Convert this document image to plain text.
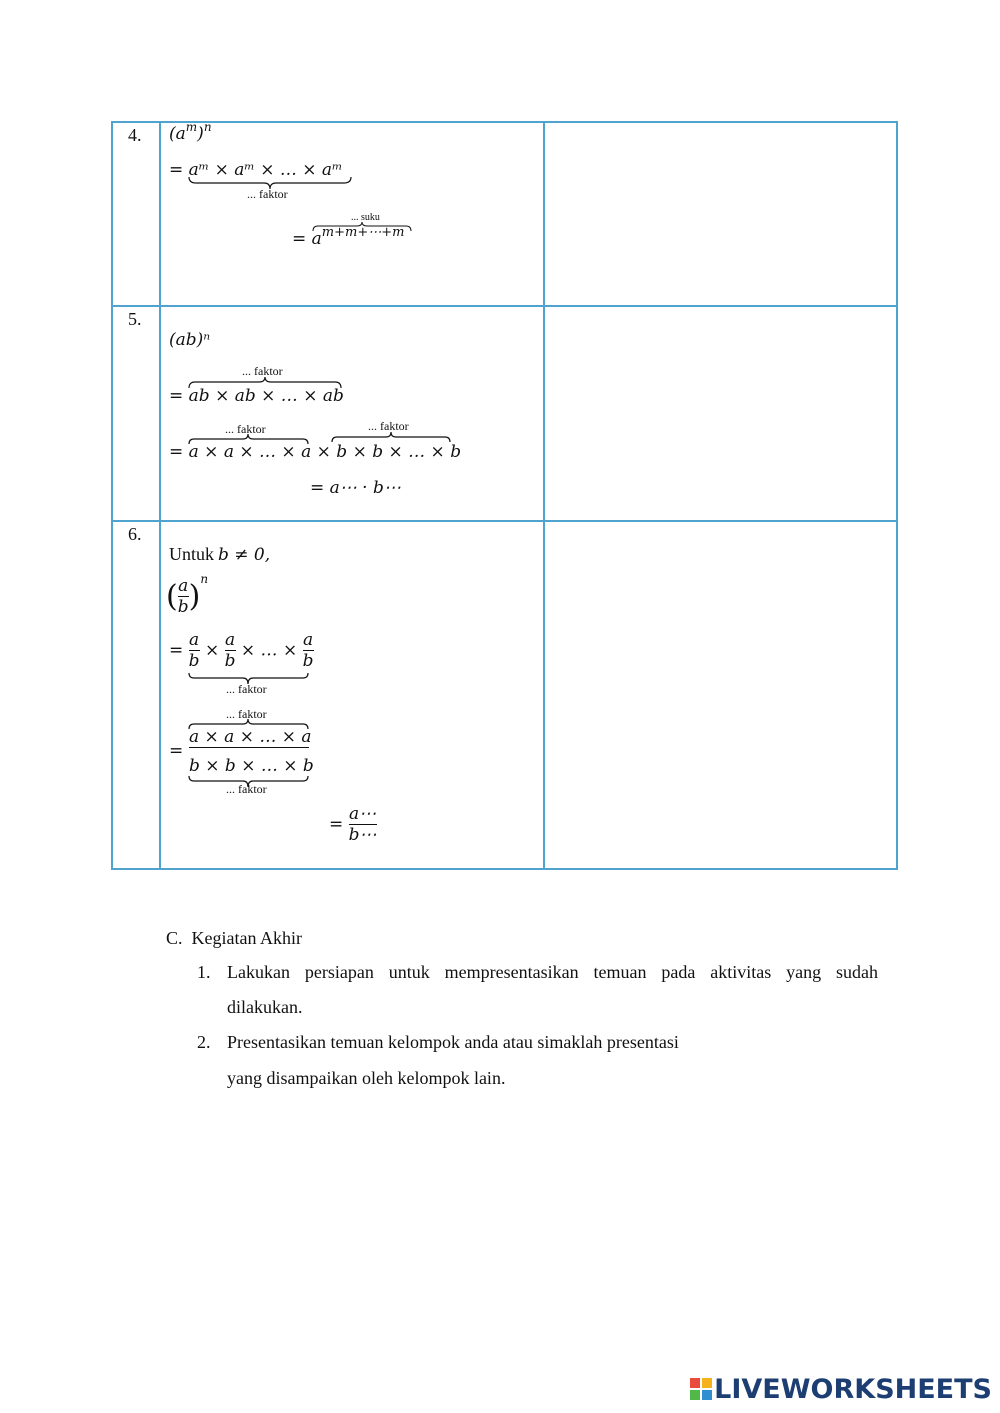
4. $(a^m)^n$
= aᵐ × aᵐ × … × aᵐ
... faktor
... suku
= $a^{m+m+\cdots+m}$
5.
(ab)ⁿ
... faktor
= ab × ab × … × ab
... faktor	... faktor
= a × a × … × a × b × b × … × b
= a⋯ · b⋯
6.
Untuk b ≠ 0,
( $\frac{a}{b} )^n$
= $\frac{a}{b} \times \frac{a}{b}$ × … × $\frac{a}{b}$
... faktor
... faktor
=
a × a × … × a
b × b × … × b
... faktor
= $\frac{a\cdots}{b\cdots}$
C. Kegiatan Akhir
1. Lakukan persiapan untuk mempresentasikan temuan pada aktivitas yang sudah
dilakukan.
2. Presentasikan temuan kelompok anda atau simaklah presentasi
yang disampaikan oleh kelompok lain.
LIVEWORKSHEETS
